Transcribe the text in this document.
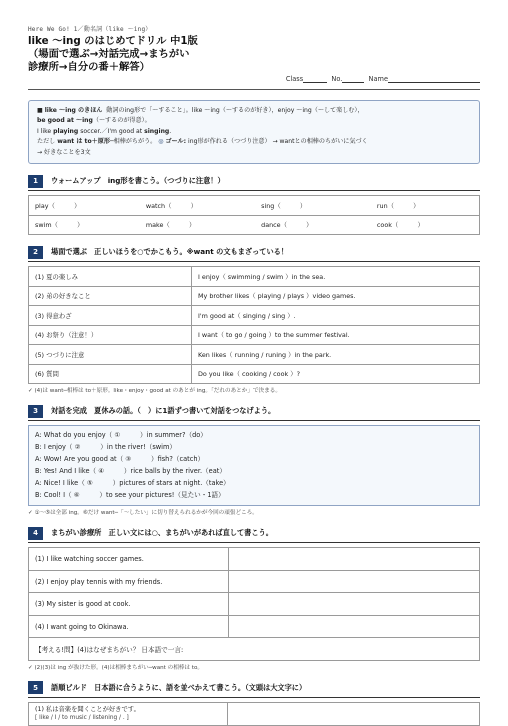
Here We Go! 1／動名詞（like ～ing）
like ～ing のはじめてドリル 中1版
（場面で選ぶ→対話完成→まちがい
診療所→自分の番＋解答）
Class	No.	Name
■ like ～ing のきほん 動詞のing形で「～すること」。like ～ing（～するのが好き），enjoy ～ing（～して楽しむ），
be good at ～ing（～するのが得意）。
I like playing soccer.／I'm good at singing.
ただし want は to＋原形─相棒がちがう。 ◎ ゴール: ing形が作れる（つづり注意） → wantとの相棒のちがいに気づく
→ 好きなことを3文
1	ウォームアップ　ing形を書こう。（つづりに注意！）
play（　　　）	watch（　　　）	sing（　　　）	run（　　　）
swim（　　　）	make（　　　）	dance（　　　）	cook（　　　）
2	場面で選ぶ　正しいほうを○でかこもう。※want の文もまざっている！
(1) 夏の楽しみ	I enjoy（ swimming / swim ）in the sea.
(2) 弟の好きなこと	My brother likes（ playing / plays ）video games.
(3) 得意わざ	I'm good at（ singing / sing ）.
(4) お祭り（注意！）	I want（ to go / going ）to the summer festival.
(5) つづりに注意	Ken likes（ running / runing ）in the park.
(6) 質問	Do you like（ cooking / cook ）?
✓ (4)は want─相棒は to＋原形。like・enjoy・good at のあとが ing。「だれのあとか」で決まる。
3	対話を完成　夏休みの話。（　）に1語ずつ書いて対話をつなげよう。
A: What do you enjoy（ ①　　　）in summer?（do）
B: I enjoy（ ②　　　）in the river!（swim）
A: Wow! Are you good at（ ③　　　）fish?（catch）
B: Yes! And I like（ ④　　　）rice balls by the river.（eat）
A: Nice! I like（ ⑤　　　）pictures of stars at night.（take）
B: Cool! I（ ⑥　　　）to see your pictures!（見たい・1語）
✓ ①〜⑤は全部 ing。⑥だけ want─「～したい」に切り替えられるかが今回の頑張どころ。
4	まちがい診療所　正しい文には○、まちがいがあれば直して書こう。
(1) I like watching soccer games.	
(2) I enjoy play tennis with my friends.	
(3) My sister is good at cook.	
(4) I want going to Okinawa.	
【考える!問】(4)はなぜまちがい？ 日本語で一言:	
✓ (2)(3)は ing が抜けた形。(4)は相棒まちがい─want の相棒は to。
5	語順ビルド　日本語に合うように、語を並べかえて書こう。（文頭は大文字に）
(1) 私は音楽を聞くことが好きです。
[ like / I / to music / listening / . ]
